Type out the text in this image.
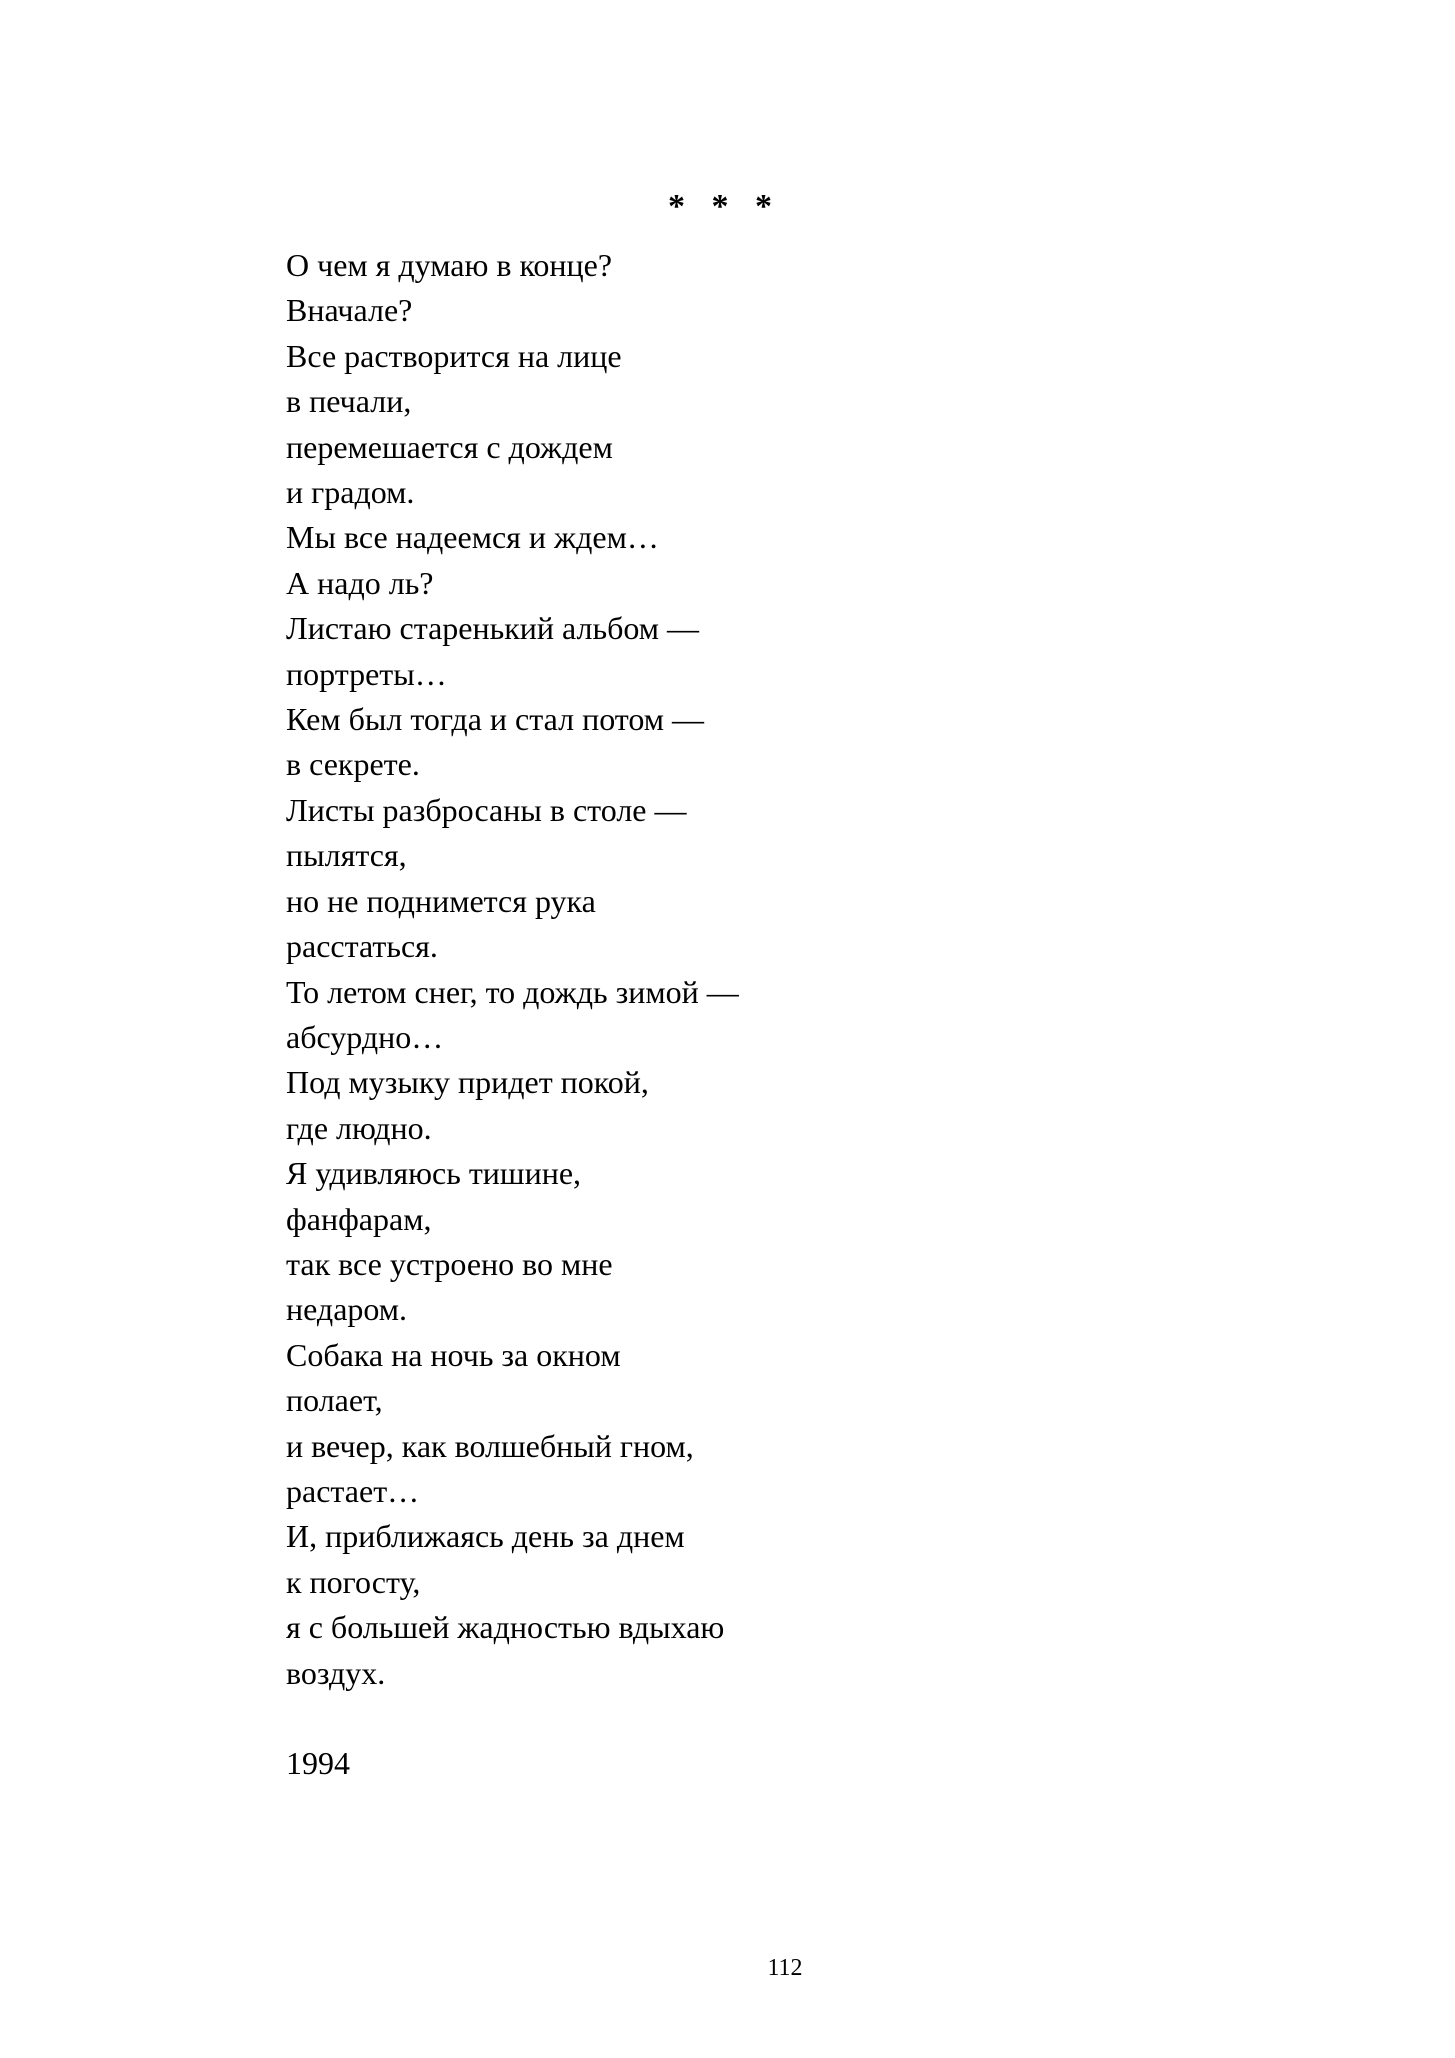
* * *
О чем я думаю в конце?
Вначале?
Все растворится на лице
в печали,
перемешается с дождем
и градом.
Мы все надеемся и ждем…
А надо ль?
Листаю старенький альбом —
портреты…
Кем был тогда и стал потом —
в секрете.
Листы разбросаны в столе —
пылятся,
но не поднимется рука
расстаться.
То летом снег, то дождь зимой —
абсурдно…
Под музыку придет покой,
где людно.
Я удивляюсь тишине,
фанфарам,
так все устроено во мне
недаром.
Собака на ночь за окном
полает,
и вечер, как волшебный гном,
растает…
И, приближаясь день за днем
к погосту,
я с большей жадностью вдыхаю
воздух.
1994
112
